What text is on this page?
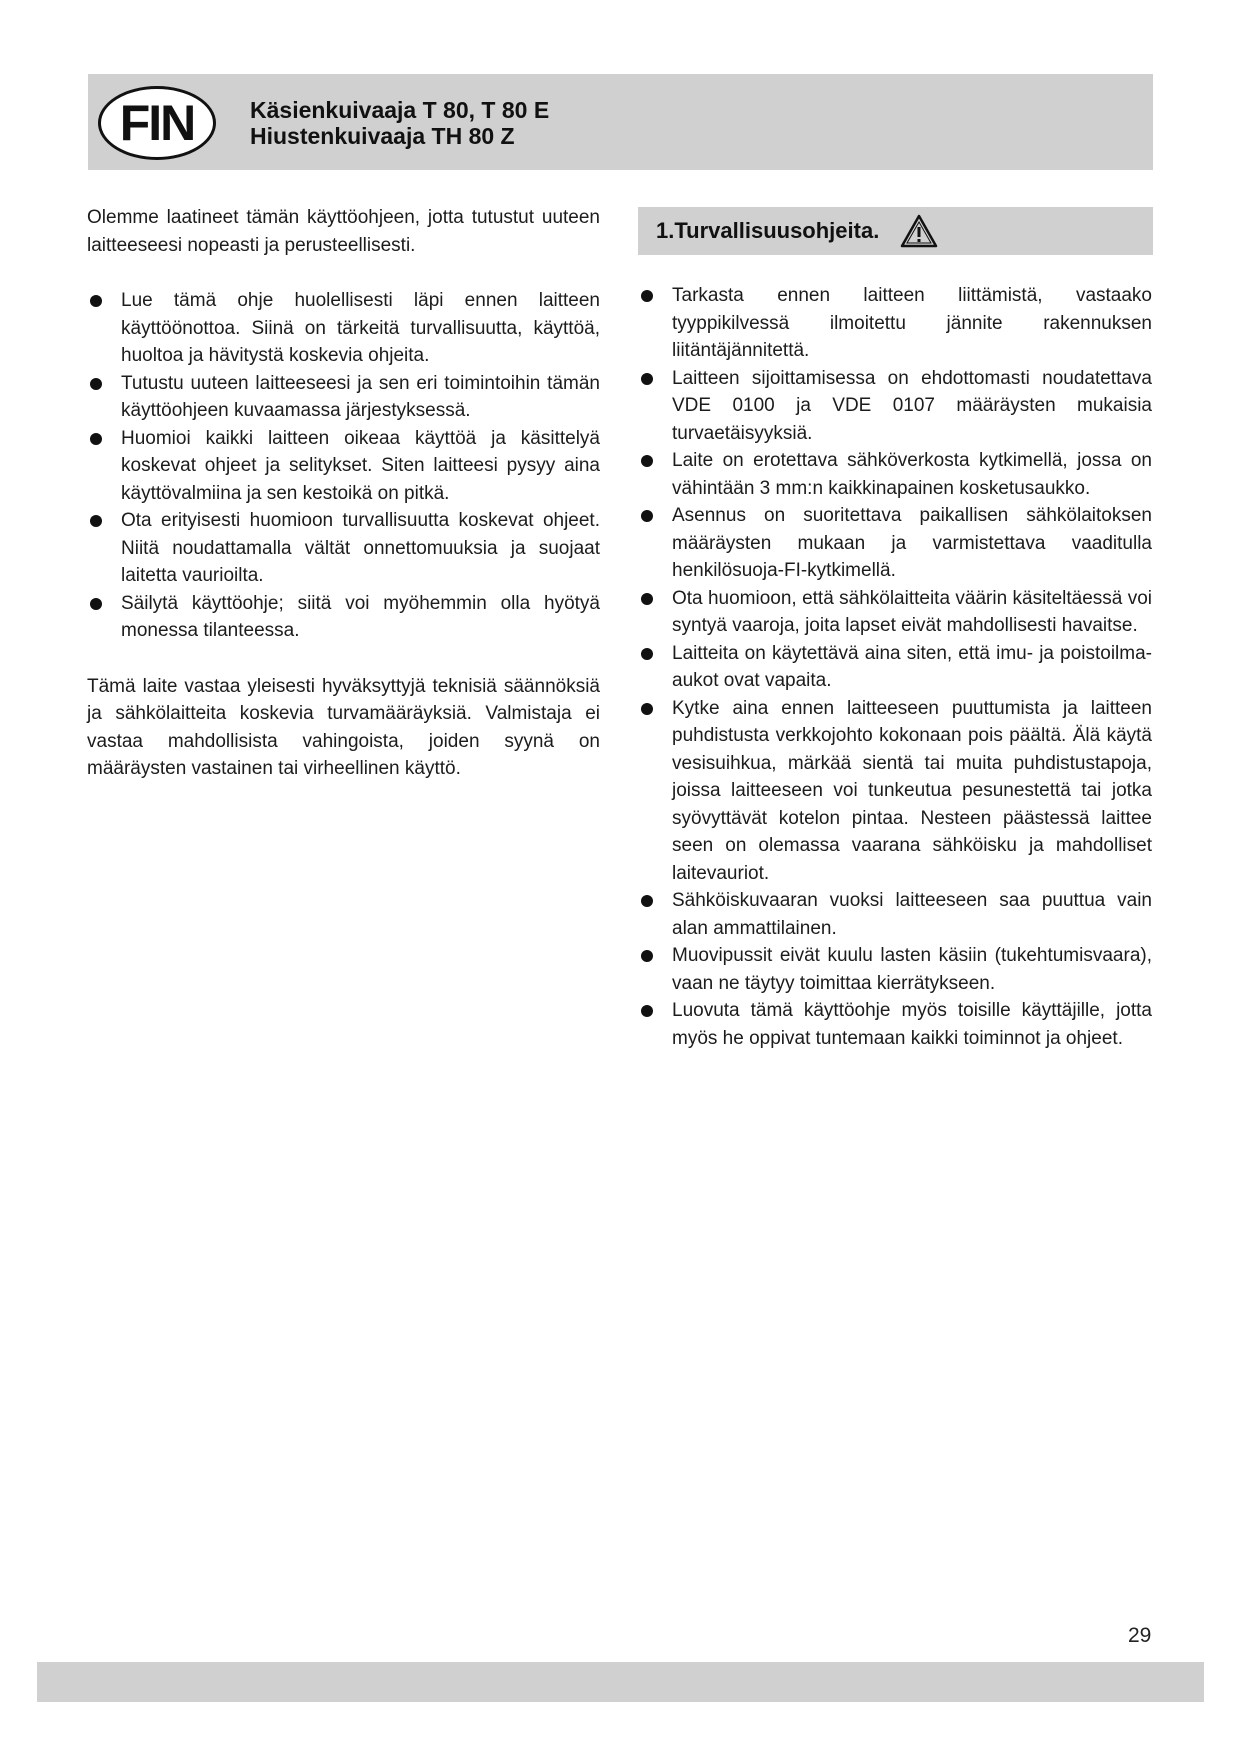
FIN	Käsienkuivaaja T 80, T 80 E
Hiustenkuivaaja TH 80 Z

Olemme laatineet tämän käyttöohjeen, jotta tutustut uuteen laitteeseesi nopeasti ja perusteellisesti.

Lue tämä ohje huolellisesti läpi ennen laitteen käyttöönottoa. Siinä on tärkeitä turvallisuutta, käyttöä, huoltoa ja hävitystä koskevia ohjeita.
Tutustu uuteen laitteeseesi ja sen eri toimintoihin tämän käyttöohjeen kuvaamassa järjestyksessä.
Huomioi kaikki laitteen oikeaa käyttöä ja käsittelyä koskevat ohjeet ja selitykset. Siten laitteesi pysyy aina käyttövalmiina ja sen kestoikä on pitkä.
Ota erityisesti huomioon turvallisuutta koskevat ohjeet. Niitä noudattamalla vältät onnettomuuksia ja suojaat laitetta vaurioilta.
Säilytä käyttöohje; siitä voi myöhemmin olla hyötyä monessa tilanteessa.

Tämä laite vastaa yleisesti hyväksyttyjä teknisiä säännöksiä ja sähkölaitteita koskevia turvamääräyksiä. Valmistaja ei vastaa mahdollisista vahingoista, joiden syynä on määräysten vastainen tai virheellinen käyttö.

1.Turvallisuusohjeita.
Tarkasta ennen laitteen liittämistä, vastaako tyyppikilvessä ilmoitettu jännite rakennuksen liitäntäjännitettä.
Laitteen sijoittamisessa on ehdottomasti noudatettava VDE 0100 ja VDE 0107 määräysten mukaisia turvaetäisyyksiä.
Laite on erotettava sähköverkosta kytkimellä, jossa on vähintään 3 mm:n kaikkinapainen kosketusaukko.
Asennus on suoritettava paikallisen sähkölaitoksen määräysten mukaan ja varmistettava vaaditulla henkilösuoja-FI-kytkimellä.
Ota huomioon, että sähkölaitteita väärin käsiteltäessä voi syntyä vaaroja, joita lapset eivät mahdollisesti havaitse.
Laitteita on käytettävä aina siten, että imu- ja poistoilma-aukot ovat vapaita.
Kytke aina ennen laitteeseen puuttumista ja laitteen puhdistusta verkkojohto kokonaan pois päältä. Älä käytä vesisuihkua, märkää sientä tai muita puhdistustapoja, joissa laitteeseen voi tunkeutua pesunestettä tai jotka syövyttävät kotelon pintaa. Nesteen päästessä laittee seen on olemassa vaarana sähköisku ja mahdolliset laitevauriot.
Sähköiskuvaaran vuoksi laitteeseen saa puuttua vain alan ammattilainen.
Muovipussit eivät kuulu lasten käsiin (tukehtumisvaara), vaan ne täytyy toimittaa kierrätykseen.
Luovuta tämä käyttöohje myös toisille käyttäjille, jotta myös he oppivat tuntemaan kaikki toiminnot ja ohjeet.
29
